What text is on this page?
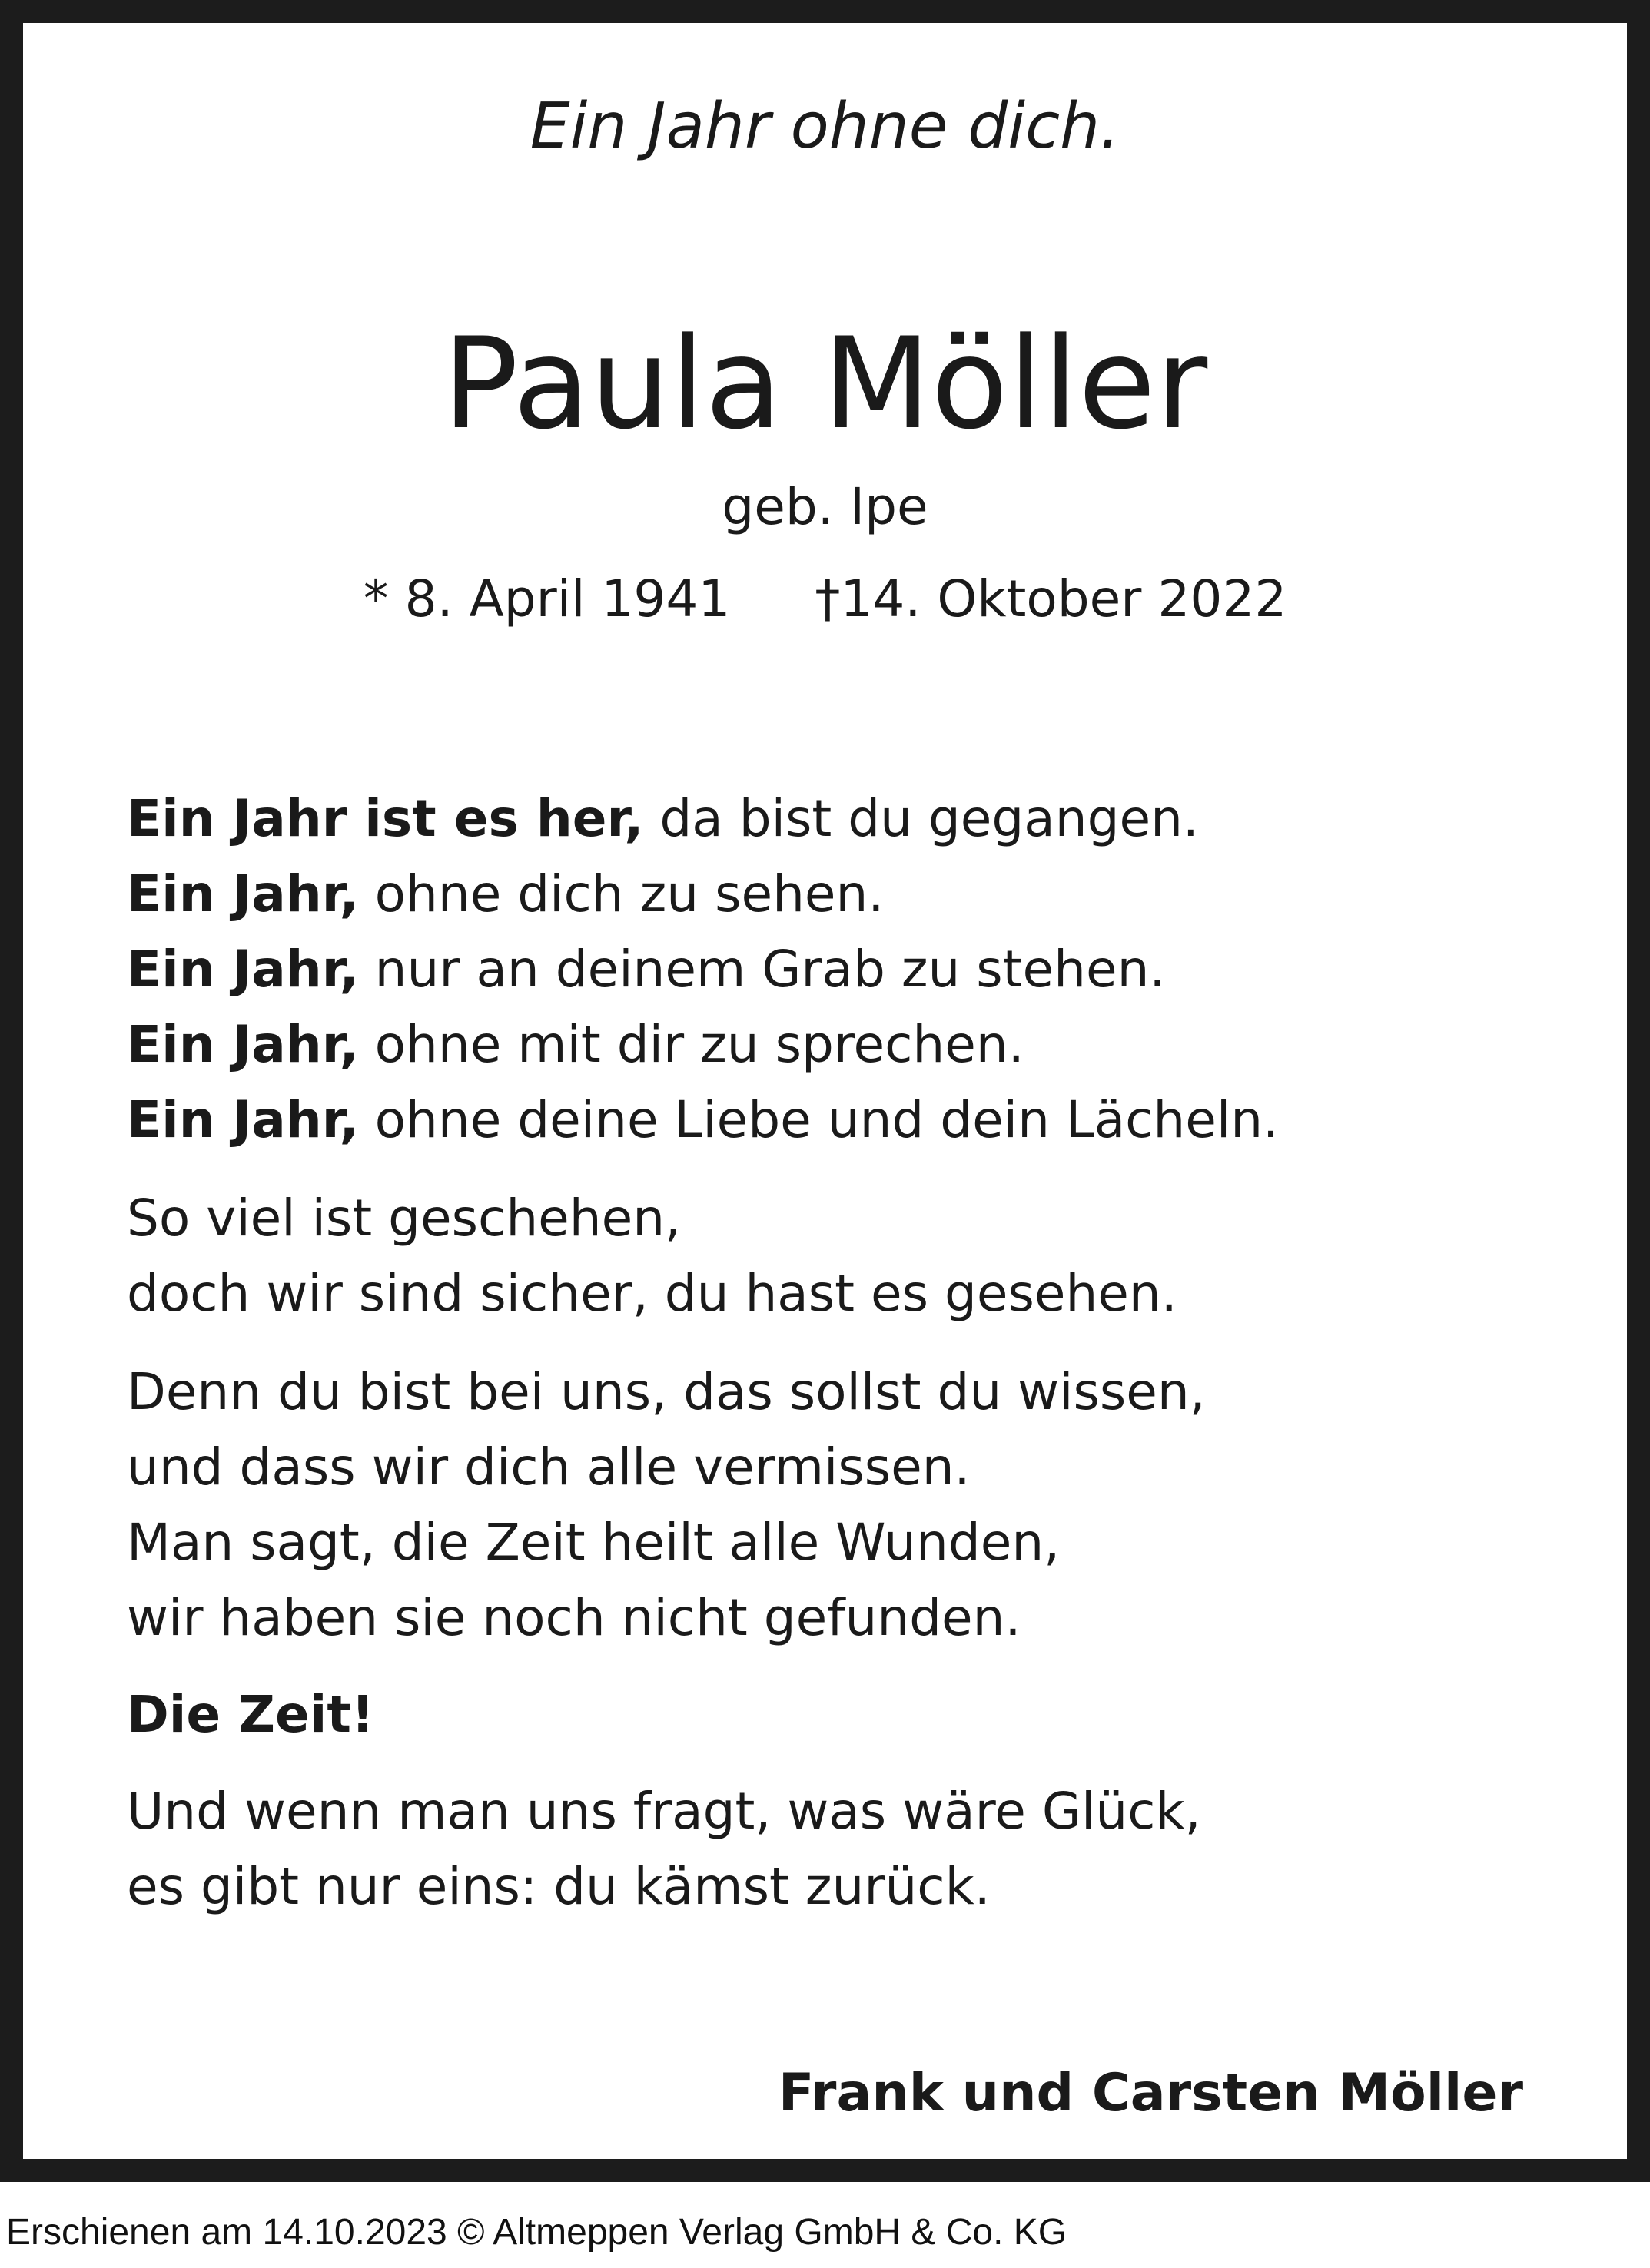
Ein Jahr ohne dich.
Paula Möller
geb. Ipe
* 8. April 1941 †14. Oktober 2022
Ein Jahr ist es her, da bist du gegangen.
Ein Jahr, ohne dich zu sehen.
Ein Jahr, nur an deinem Grab zu stehen.
Ein Jahr, ohne mit dir zu sprechen.
Ein Jahr, ohne deine Liebe und dein Lächeln.
So viel ist geschehen,
doch wir sind sicher, du hast es gesehen.
Denn du bist bei uns, das sollst du wissen,
und dass wir dich alle vermissen.
Man sagt, die Zeit heilt alle Wunden,
wir haben sie noch nicht gefunden.
Die Zeit!
Und wenn man uns fragt, was wäre Glück,
es gibt nur eins: du kämst zurück.
Frank und Carsten Möller
Erschienen am 14.10.2023 © Altmeppen Verlag GmbH & Co. KG
